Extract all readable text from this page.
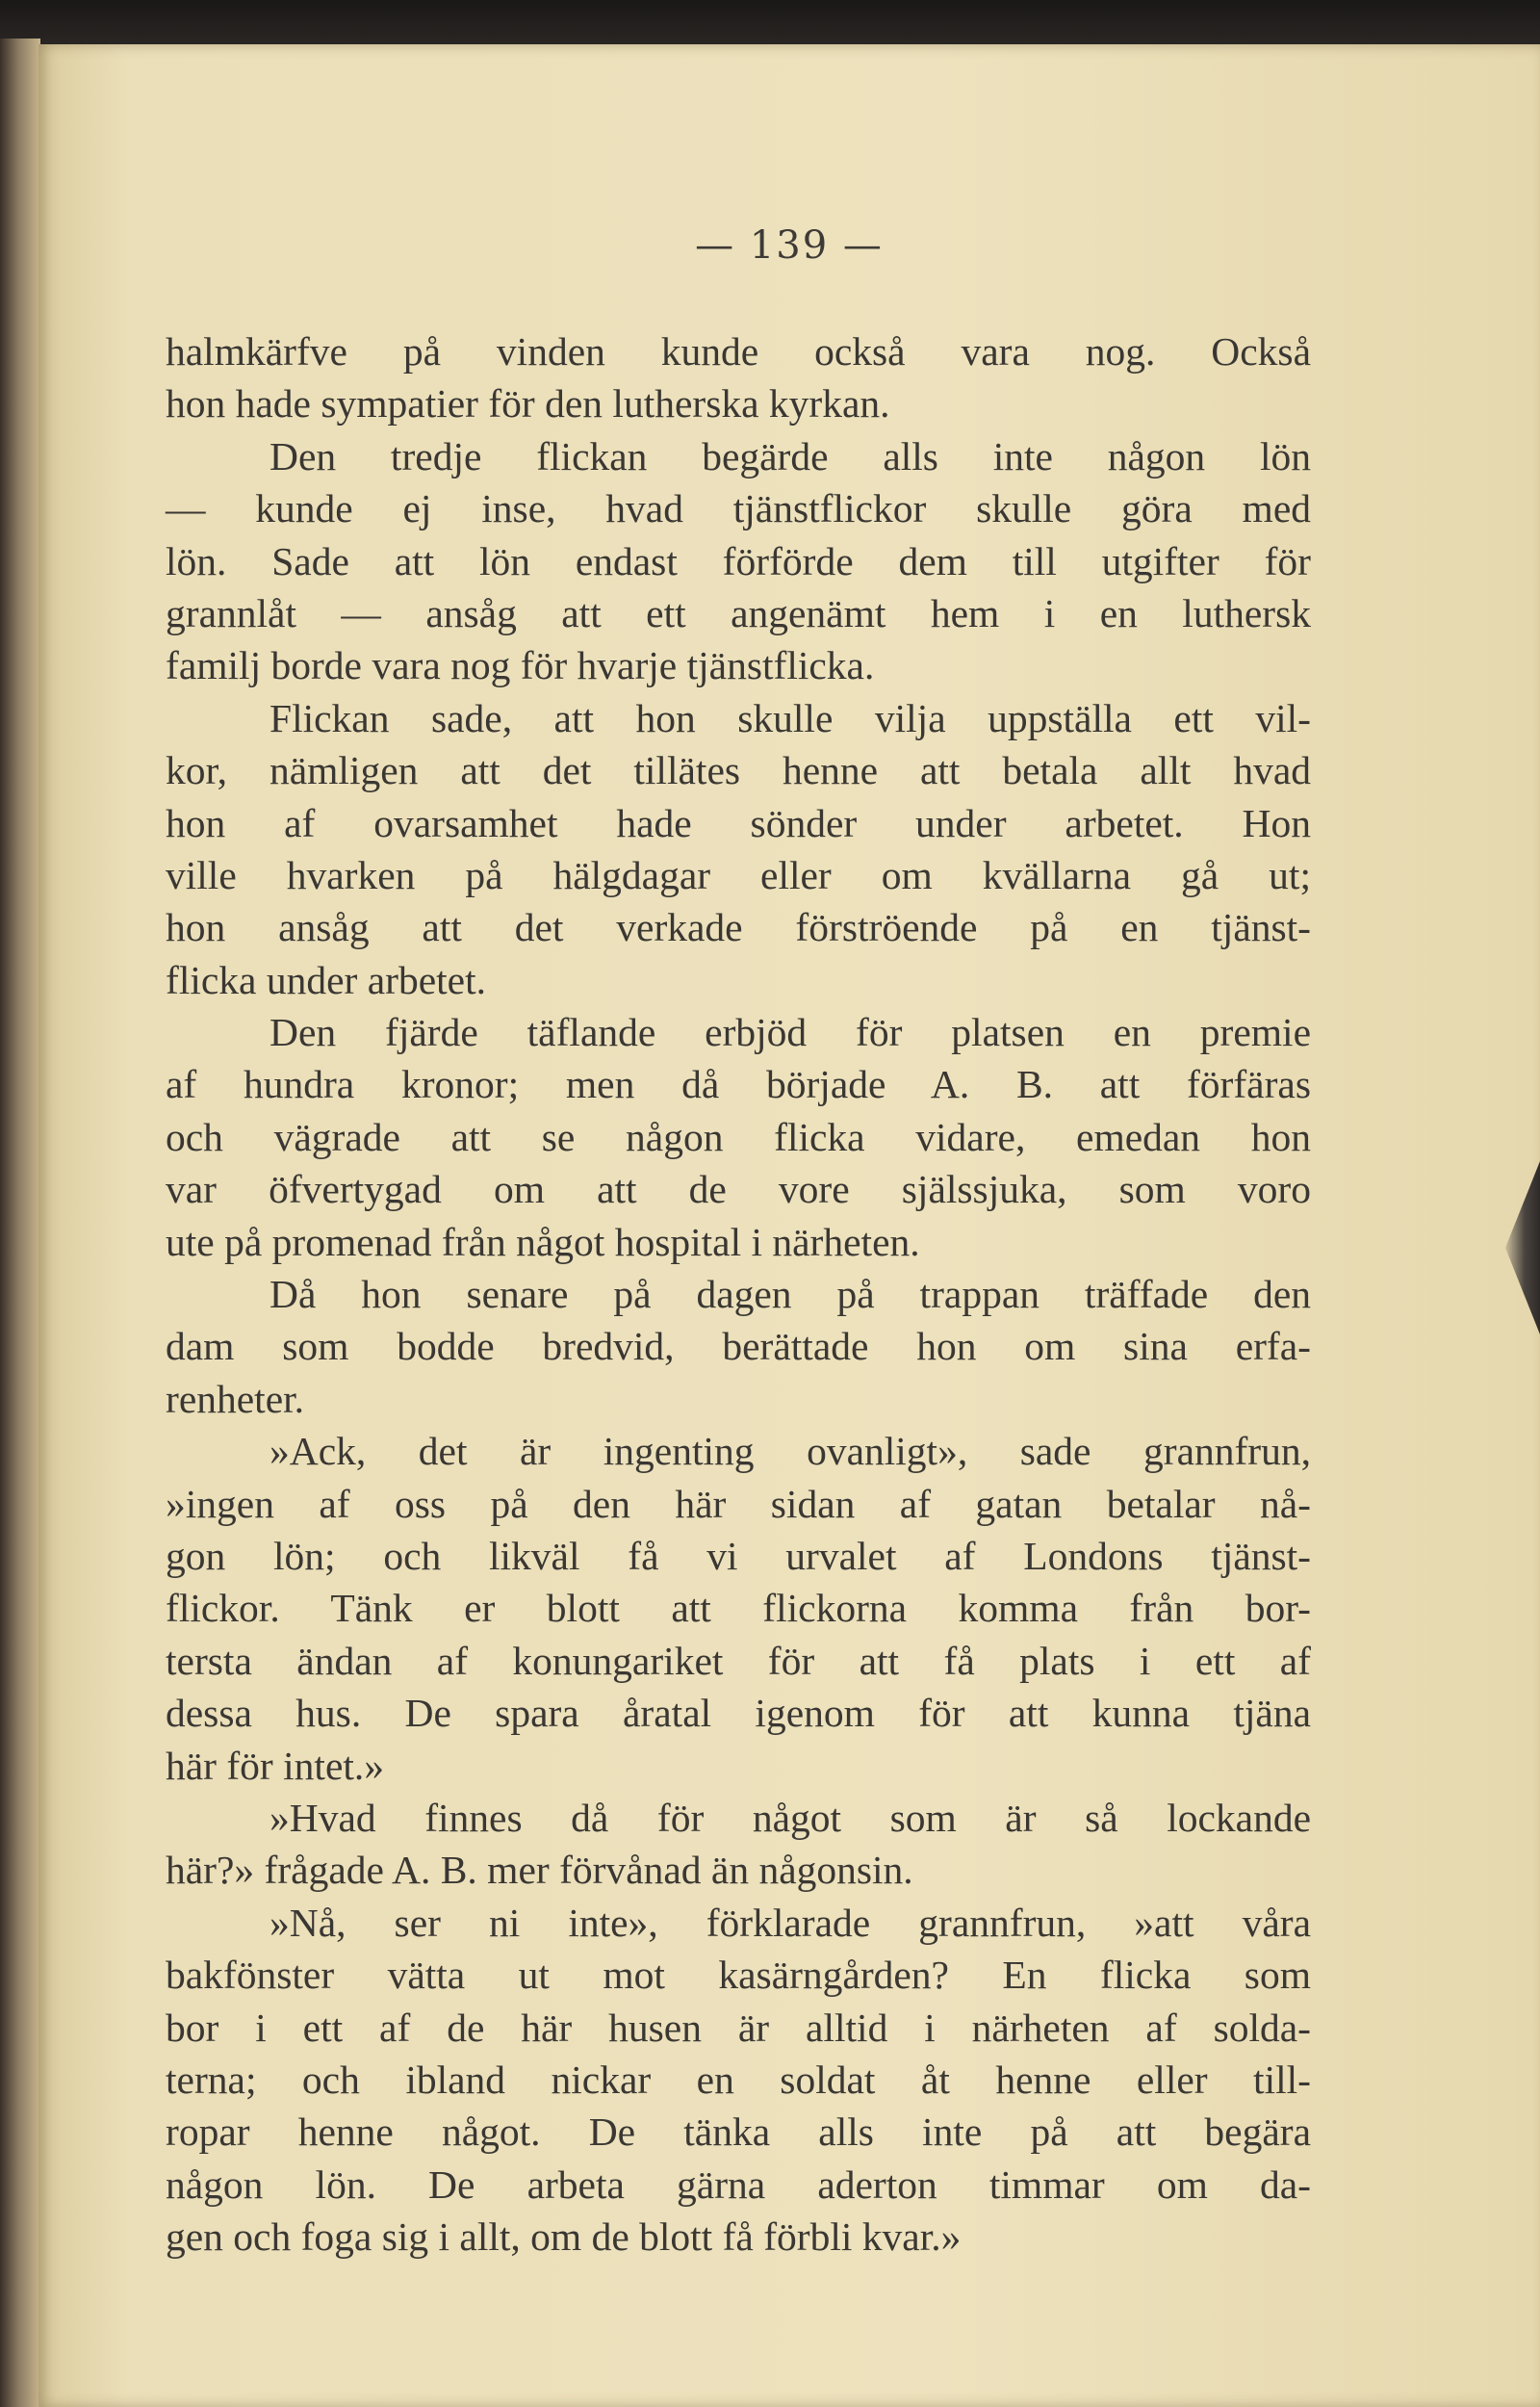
— 139 —
halmkärfve på vinden kunde också vara nog. Också
hon hade sympatier för den lutherska kyrkan.
Den tredje flickan begärde alls inte någon lön
— kunde ej inse, hvad tjänstflickor skulle göra med
lön. Sade att lön endast förförde dem till utgifter för
grannlåt — ansåg att ett angenämt hem i en luthersk
familj borde vara nog för hvarje tjänstflicka.
Flickan sade, att hon skulle vilja uppställa ett vil-
kor, nämligen att det tillätes henne att betala allt hvad
hon af ovarsamhet hade sönder under arbetet. Hon
ville hvarken på hälgdagar eller om kvällarna gå ut;
hon ansåg att det verkade förströende på en tjänst-
flicka under arbetet.
Den fjärde täflande erbjöd för platsen en premie
af hundra kronor; men då började A. B. att förfäras
och vägrade att se någon flicka vidare, emedan hon
var öfvertygad om att de vore själssjuka, som voro
ute på promenad från något hospital i närheten.
Då hon senare på dagen på trappan träffade den
dam som bodde bredvid, berättade hon om sina erfa-
renheter.
»Ack, det är ingenting ovanligt», sade grannfrun,
»ingen af oss på den här sidan af gatan betalar nå-
gon lön; och likväl få vi urvalet af Londons tjänst-
flickor. Tänk er blott att flickorna komma från bor-
tersta ändan af konungariket för att få plats i ett af
dessa hus. De spara åratal igenom för att kunna tjäna
här för intet.»
»Hvad finnes då för något som är så lockande
här?» frågade A. B. mer förvånad än någonsin.
»Nå, ser ni inte», förklarade grannfrun, »att våra
bakfönster vätta ut mot kasärngården? En flicka som
bor i ett af de här husen är alltid i närheten af solda-
terna; och ibland nickar en soldat åt henne eller till-
ropar henne något. De tänka alls inte på att begära
någon lön. De arbeta gärna aderton timmar om da-
gen och foga sig i allt, om de blott få förbli kvar.»
